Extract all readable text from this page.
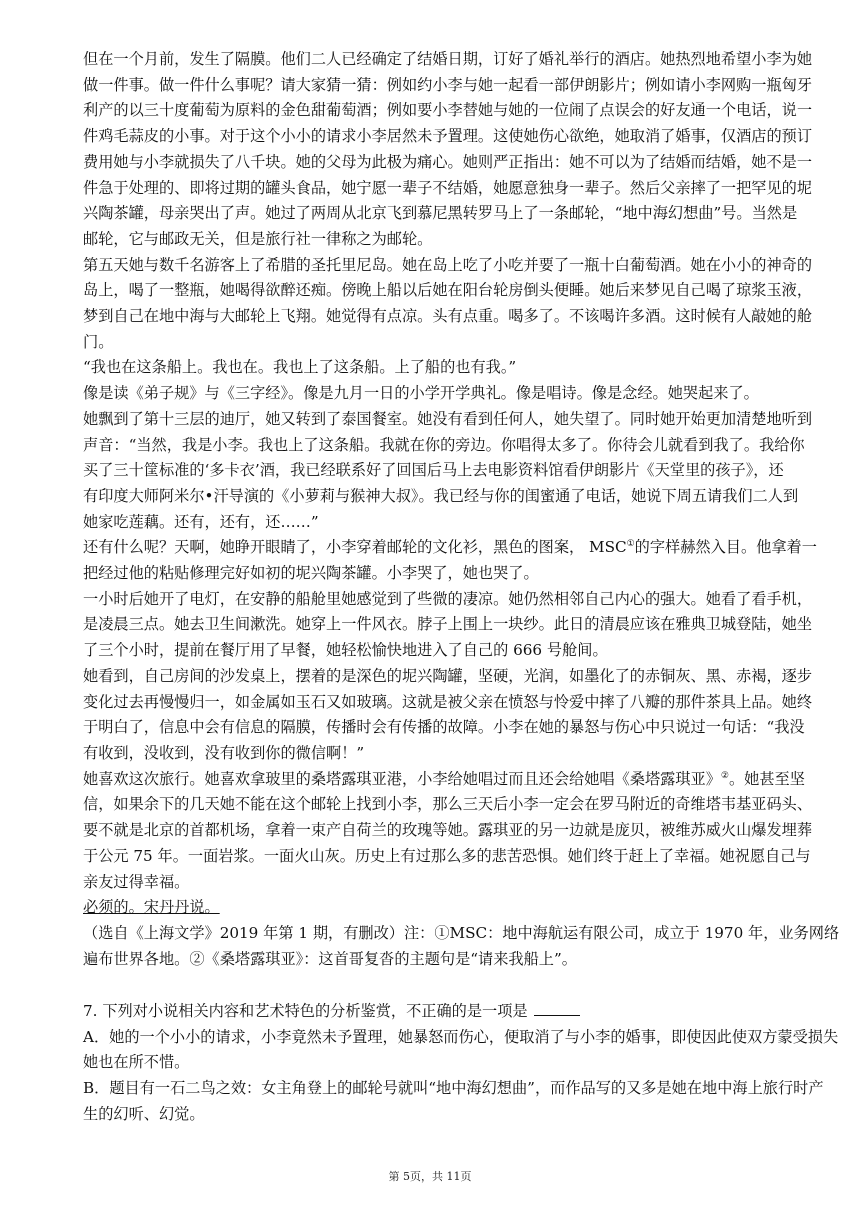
但在一个月前，发生了隔膜。他们二人已经确定了结婚日期，订好了婚礼举行的酒店。她热烈地希望小李为她
做一件事。做一件什么事呢？请大家猜一猜：例如约小李与她一起看一部伊朗影片；例如请小李网购一瓶匈牙
利产的以三十度葡萄为原料的金色甜葡萄酒；例如要小李替她与她的一位闹了点误会的好友通一个电话，说一
件鸡毛蒜皮的小事。对于这个小小的请求小李居然未予置理。这使她伤心欲绝，她取消了婚事，仅酒店的预订
费用她与小李就损失了八千块。她的父母为此极为痛心。她则严正指出：她不可以为了结婚而结婚，她不是一
件急于处理的、即将过期的罐头食品，她宁愿一辈子不结婚，她愿意独身一辈子。然后父亲摔了一把罕见的坭
兴陶茶罐，母亲哭出了声。她过了两周从北京飞到慕尼黑转罗马上了一条邮轮，“地中海幻想曲”号。当然是
邮轮，它与邮政无关，但是旅行社一律称之为邮轮。

第五天她与数千名游客上了希腊的圣托里尼岛。她在岛上吃了小吃并要了一瓶十白葡萄酒。她在小小的神奇的
岛上，喝了一整瓶，她喝得欲醉还痴。傍晚上船以后她在阳台轮房倒头便睡。她后来梦见自己喝了琼浆玉液，
梦到自己在地中海与大邮轮上飞翔。她觉得有点凉。头有点重。喝多了。不该喝许多酒。这时候有人敲她的舱
门。

“我也在这条船上。我也在。我也上了这条船。上了船的也有我。”

像是读《弟子规》与《三字经》。像是九月一日的小学开学典礼。像是唱诗。像是念经。她哭起来了。

她飘到了第十三层的迪厅，她又转到了泰国餐室。她没有看到任何人，她失望了。同时她开始更加清楚地听到
声音：“当然，我是小李。我也上了这条船。我就在你的旁边。你唱得太多了。你待会儿就看到我了。我给你
买了三十筐标准的‘多卡衣’酒，我已经联系好了回国后马上去电影资料馆看伊朗影片《天堂里的孩子》，还
有印度大师阿米尔•汗导演的《小萝莉与猴神大叔》。我已经与你的闺蜜通了电话，她说下周五请我们二人到
她家吃莲藕。还有，还有，还……”

还有什么呢？天啊，她睁开眼睛了，小李穿着邮轮的文化衫，黑色的图案， MSC①的字样赫然入目。他拿着一
把经过他的粘贴修理完好如初的坭兴陶茶罐。小李哭了，她也哭了。

一小时后她开了电灯，在安静的船舱里她感觉到了些微的凄凉。她仍然相邻自己内心的强大。她看了看手机，
是凌晨三点。她去卫生间漱洗。她穿上一件风衣。脖子上围上一块纱。此日的清晨应该在雅典卫城登陆，她坐
了三个小时，提前在餐厅用了早餐，她轻松愉快地进入了自己的 666 号舱间。

她看到，自己房间的沙发桌上，摆着的是深色的坭兴陶罐，坚硬，光润，如墨化了的赤铜灰、黑、赤褐，逐步
变化过去再慢慢归一，如金属如玉石又如玻璃。这就是被父亲在愤怒与怜爱中摔了八瓣的那件茶具上品。她终
于明白了，信息中会有信息的隔膜，传播时会有传播的故障。小李在她的暴怒与伤心中只说过一句话：“我没
有收到，没收到，没有收到你的微信啊！”

她喜欢这次旅行。她喜欢拿玻里的桑塔露琪亚港，小李给她唱过而且还会给她唱《桑塔露琪亚》②。她甚至坚
信，如果余下的几天她不能在这个邮轮上找到小李，那么三天后小李一定会在罗马附近的奇维塔韦基亚码头、
要不就是北京的首都机场，拿着一束产自荷兰的玫瑰等她。露琪亚的另一边就是庞贝，被维苏威火山爆发埋葬
于公元 75 年。一面岩浆。一面火山灰。历史上有过那么多的悲苦恐惧。她们终于赶上了幸福。她祝愿自己与
亲友过得幸福。

必须的。宋丹丹说。

（选自《上海文学》2019 年第 1 期，有删改）注：①MSC：地中海航运有限公司，成立于 1970 年，业务网络
遍布世界各地。②《桑塔露琪亚》：这首哥复沓的主题句是“请来我船上”。

7. 下列对小说相关内容和艺术特色的分析鉴赏，不正确的是一项是
A．她的一个小小的请求，小李竟然未予置理，她暴怒而伤心，便取消了与小李的婚事，即使因此使双方蒙受损失
她也在所不惜。
B．题目有一石二鸟之效：女主角登上的邮轮号就叫“地中海幻想曲”，而作品写的又多是她在地中海上旅行时产
生的幻听、幻觉。
第 5页，共 11页
